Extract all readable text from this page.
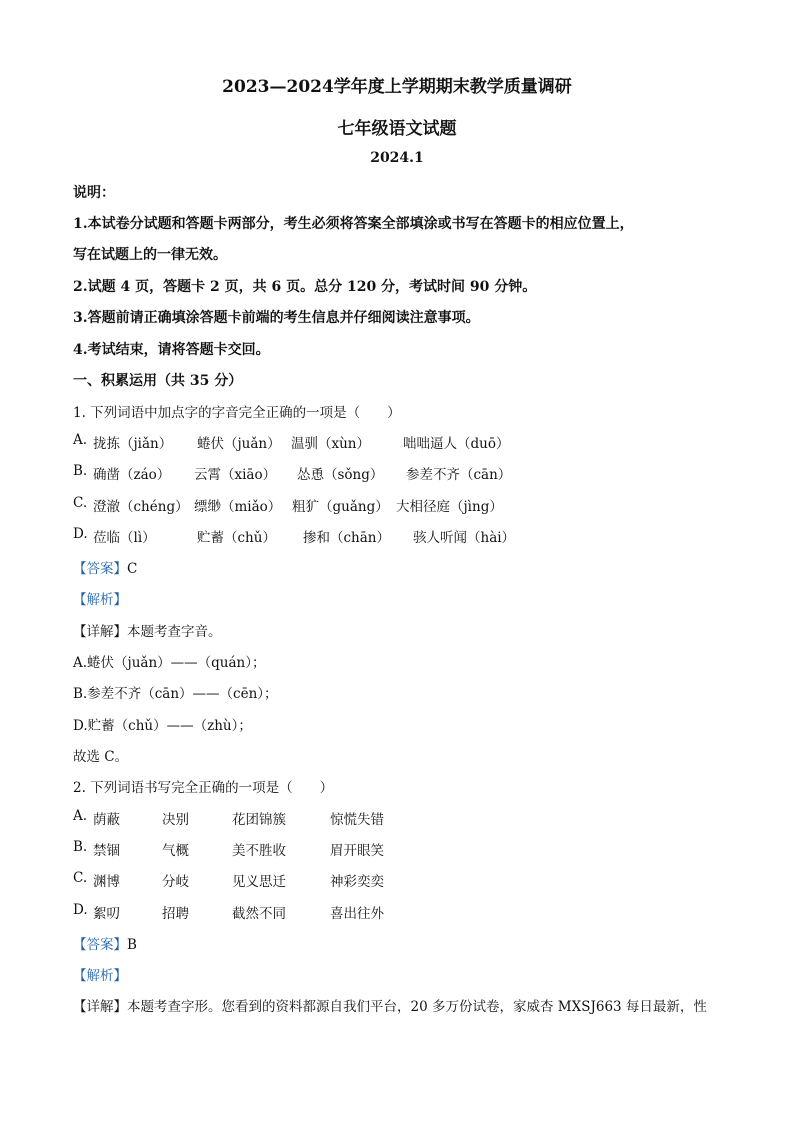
2023—2024学年度上学期期末教学质量调研
七年级语文试题
2024.1
说明：
1.本试卷分试题和答题卡两部分，考生必须将答案全部填涂或书写在答题卡的相应位置上，
写在试题上的一律无效。
2.试题 4 页，答题卡 2 页，共 6 页。总分 120 分，考试时间 90 分钟。
3.答题前请正确填涂答题卡前端的考生信息并仔细阅读注意事项。
4.考试结束，请将答题卡交回。
一、积累运用（共 35 分）
1. 下列词语中加点字的字音完全正确的一项是（　　）
A. 拢拣（jiǎn） 蜷伏（juǎn） 温驯（xùn） 咄咄逼人（duō）
B. 确凿（záo） 云霄（xiāo） 怂恿（sǒng） 参差不齐（cān）
C. 澄澈（chéng） 缥缈（miǎo） 粗犷（guǎng） 大相径庭（jìng）
D. 莅临（lì）	贮蓄（chǔ） 掺和（chān） 骇人听闻（hài）
【答案】C
【解析】
【详解】本题考查字音。
A.蜷伏（juǎn）——（quán）；
B.参差不齐（cān）——（cēn）；
D.贮蓄（chǔ）——（zhù）；
故选 C。
2. 下列词语书写完全正确的一项是（　　）
A. 荫蔽	决别	花团锦簇	惊慌失错
B. 禁锢	气概	美不胜收	眉开眼笑
C. 渊博	分岐	见义思迁	神彩奕奕
D. 絮叨	招聘	截然不同	喜出往外
【答案】B
【解析】
【详解】本题考查字形。您看到的资料都源自我们平台，20 多万份试卷，家威杏 MXSJ663 每日最新，性
